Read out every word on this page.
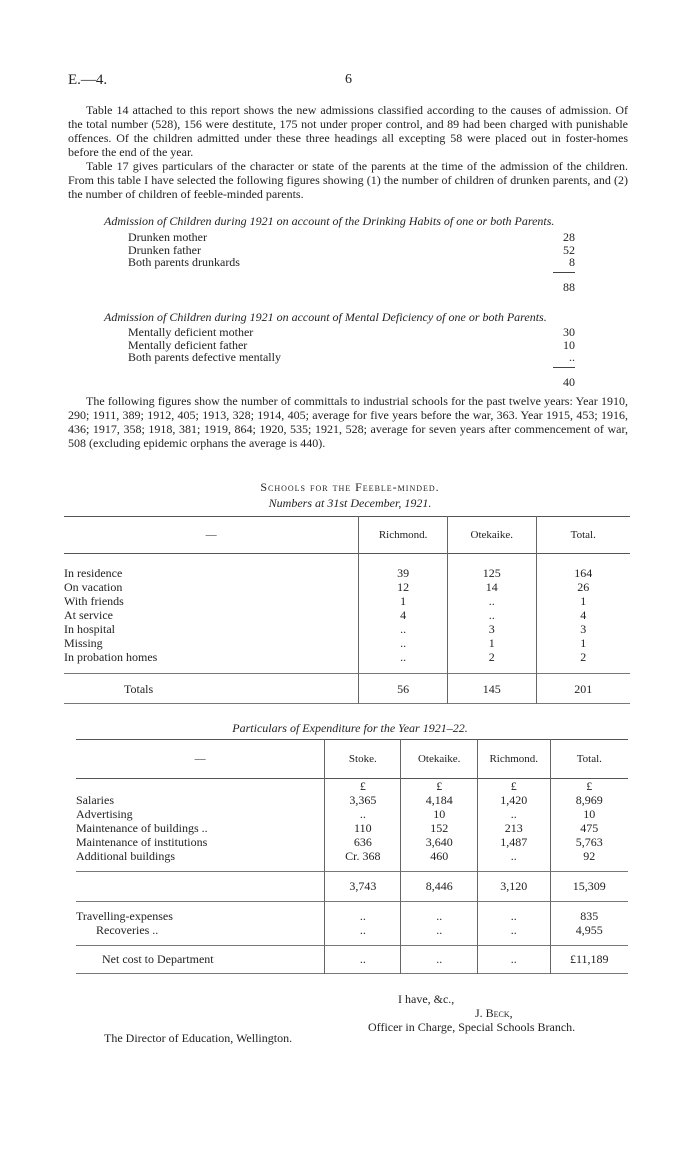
E.—4.	6

Table 14 attached to this report shows the new admissions classified according to the causes of admission. Of the total number (528), 156 were destitute, 175 not under proper control, and 89 had been charged with punishable offences. Of the children admitted under these three headings all excepting 58 were placed out in foster-homes before the end of the year.

Table 17 gives particulars of the character or state of the parents at the time of the admission of the children. From this table I have selected the following figures showing (1) the number of children of drunken parents, and (2) the number of children of feeble-minded parents.

Admission of Children during 1921 on account of the Drinking Habits of one or both Parents.
Drunken mother	28
Drunken father	52
Both parents drunkards	8
88
Admission of Children during 1921 on account of Mental Deficiency of one or both Parents.
Mentally deficient mother	30
Mentally deficient father	10
Both parents defective mentally	..
40

The following figures show the number of committals to industrial schools for the past twelve years: Year 1910, 290; 1911, 389; 1912, 405; 1913, 328; 1914, 405; average for five years before the war, 363. Year 1915, 453; 1916, 436; 1917, 358; 1918, 381; 1919, 864; 1920, 535; 1921, 528; average for seven years after commencement of war, 508 (excluding epidemic orphans the average is 440).

Schools for the Feeble-minded.
Numbers at 31st December, 1921.
—	Richmond.	Otekaike.	Total.

In residence	39	125	164
On vacation	12	14	26
With friends	1	..	1
At service	4	..	4
In hospital	..	3	3
Missing	..	1	1
In probation homes	..	2	2

Totals	56	145	201
Particulars of Expenditure for the Year 1921–22.
—	Stoke.	Otekaike.	Richmond.	Total.
	£	£	£	£
Salaries	3,365	4,184	1,420	8,969
Advertising	..	10	..	10
Maintenance of buildings ..	110	152	213	475
Maintenance of institutions	636	3,640	1,487	5,763
Additional buildings	Cr. 368	460	..	92

	3,743	8,446	3,120	15,309

Travelling-expenses	..	..	..	835
Recoveries ..	..	..	..	4,955

Net cost to Department	..	..	..	£11,189
I have, &c.,
J. Beck,
Officer in Charge, Special Schools Branch.
The Director of Education, Wellington.
